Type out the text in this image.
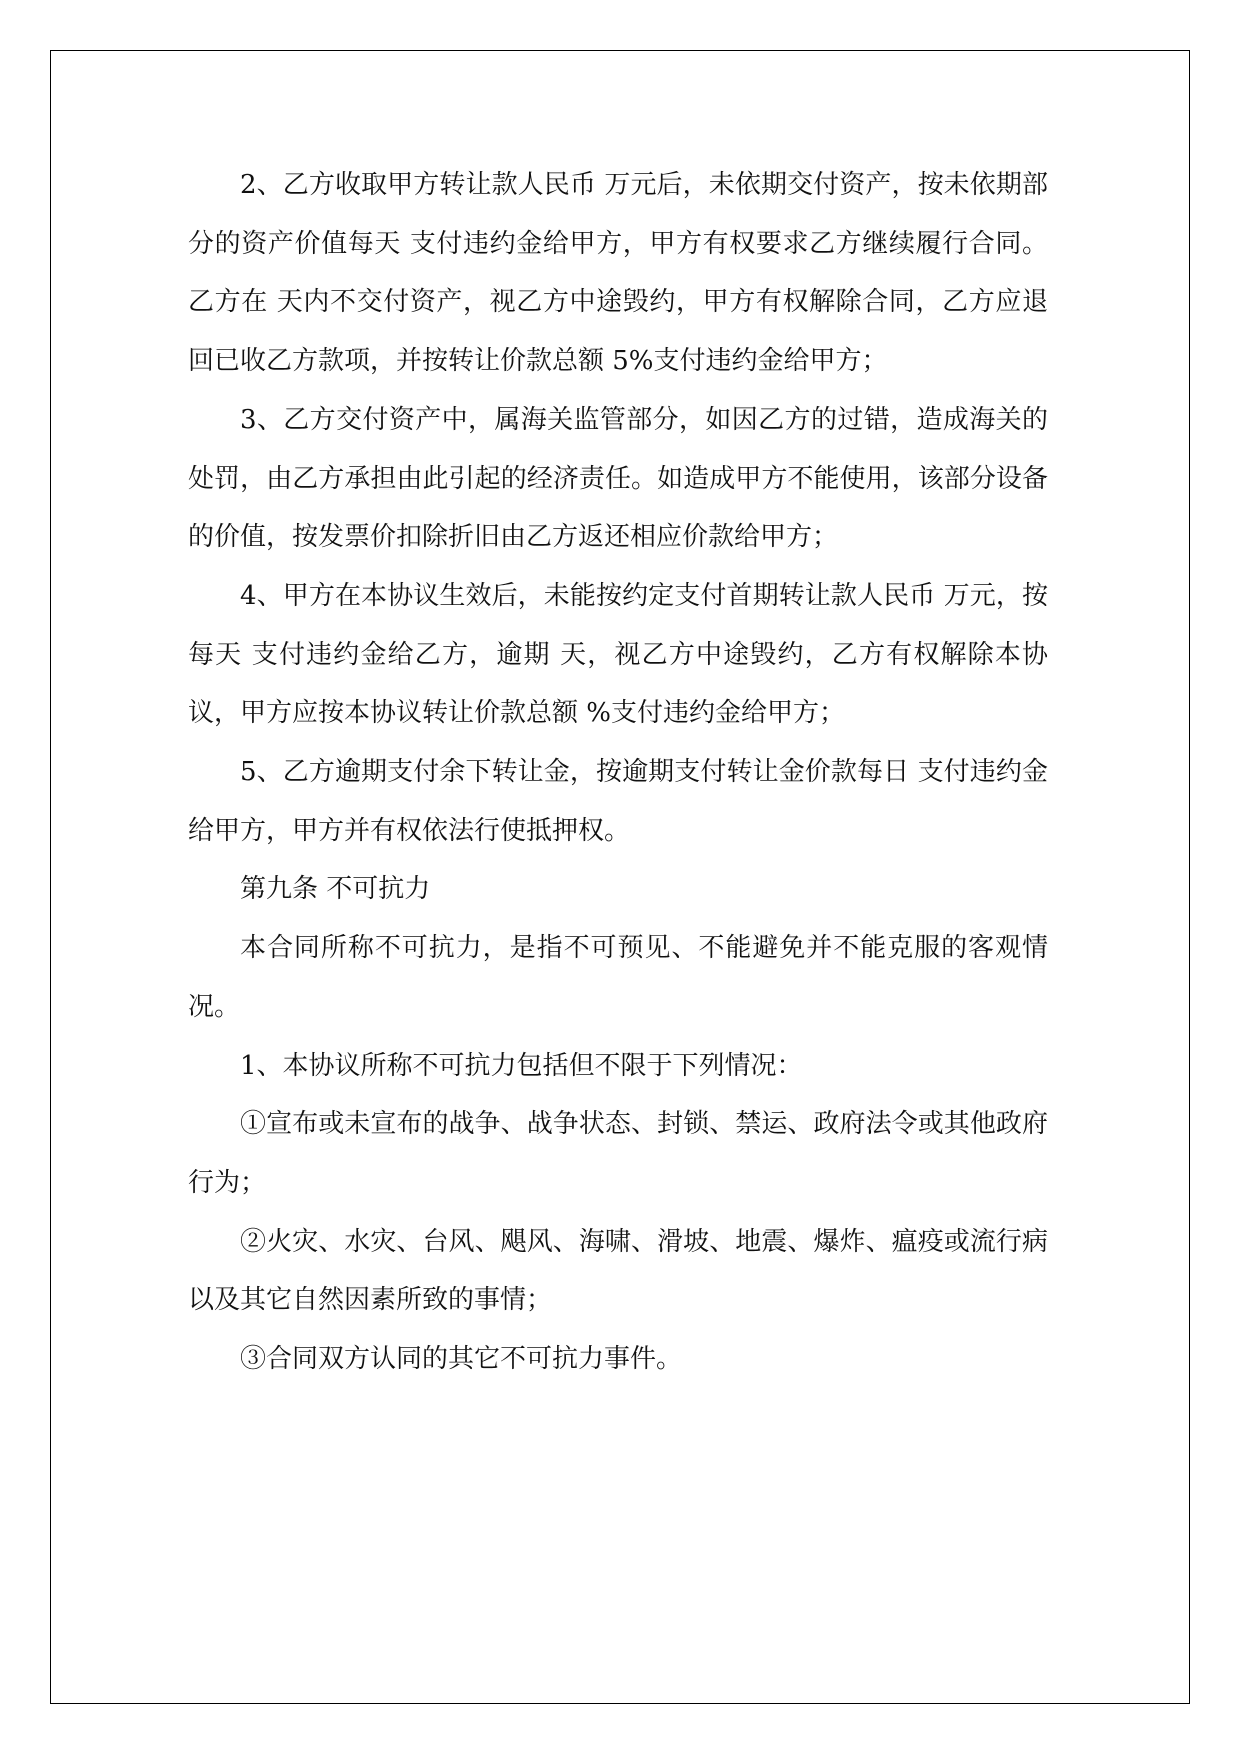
2、乙方收取甲方转让款人民币 万元后，未依期交付资产，按未依期部分的资产价值每天 支付违约金给甲方，甲方有权要求乙方继续履行合同。乙方在 天内不交付资产，视乙方中途毁约，甲方有权解除合同，乙方应退回已收乙方款项，并按转让价款总额 5%支付违约金给甲方；

3、乙方交付资产中，属海关监管部分，如因乙方的过错，造成海关的处罚，由乙方承担由此引起的经济责任。如造成甲方不能使用，该部分设备的价值，按发票价扣除折旧由乙方返还相应价款给甲方；

4、甲方在本协议生效后，未能按约定支付首期转让款人民币 万元，按每天 支付违约金给乙方，逾期 天，视乙方中途毁约，乙方有权解除本协议，甲方应按本协议转让价款总额 %支付违约金给甲方；

5、乙方逾期支付余下转让金，按逾期支付转让金价款每日 支付违约金给甲方，甲方并有权依法行使抵押权。

第九条 不可抗力

本合同所称不可抗力，是指不可预见、不能避免并不能克服的客观情况。

1、本协议所称不可抗力包括但不限于下列情况：

①宣布或未宣布的战争、战争状态、封锁、禁运、政府法令或其他政府行为；

②火灾、水灾、台风、飓风、海啸、滑坡、地震、爆炸、瘟疫或流行病以及其它自然因素所致的事情；

③合同双方认同的其它不可抗力事件。
